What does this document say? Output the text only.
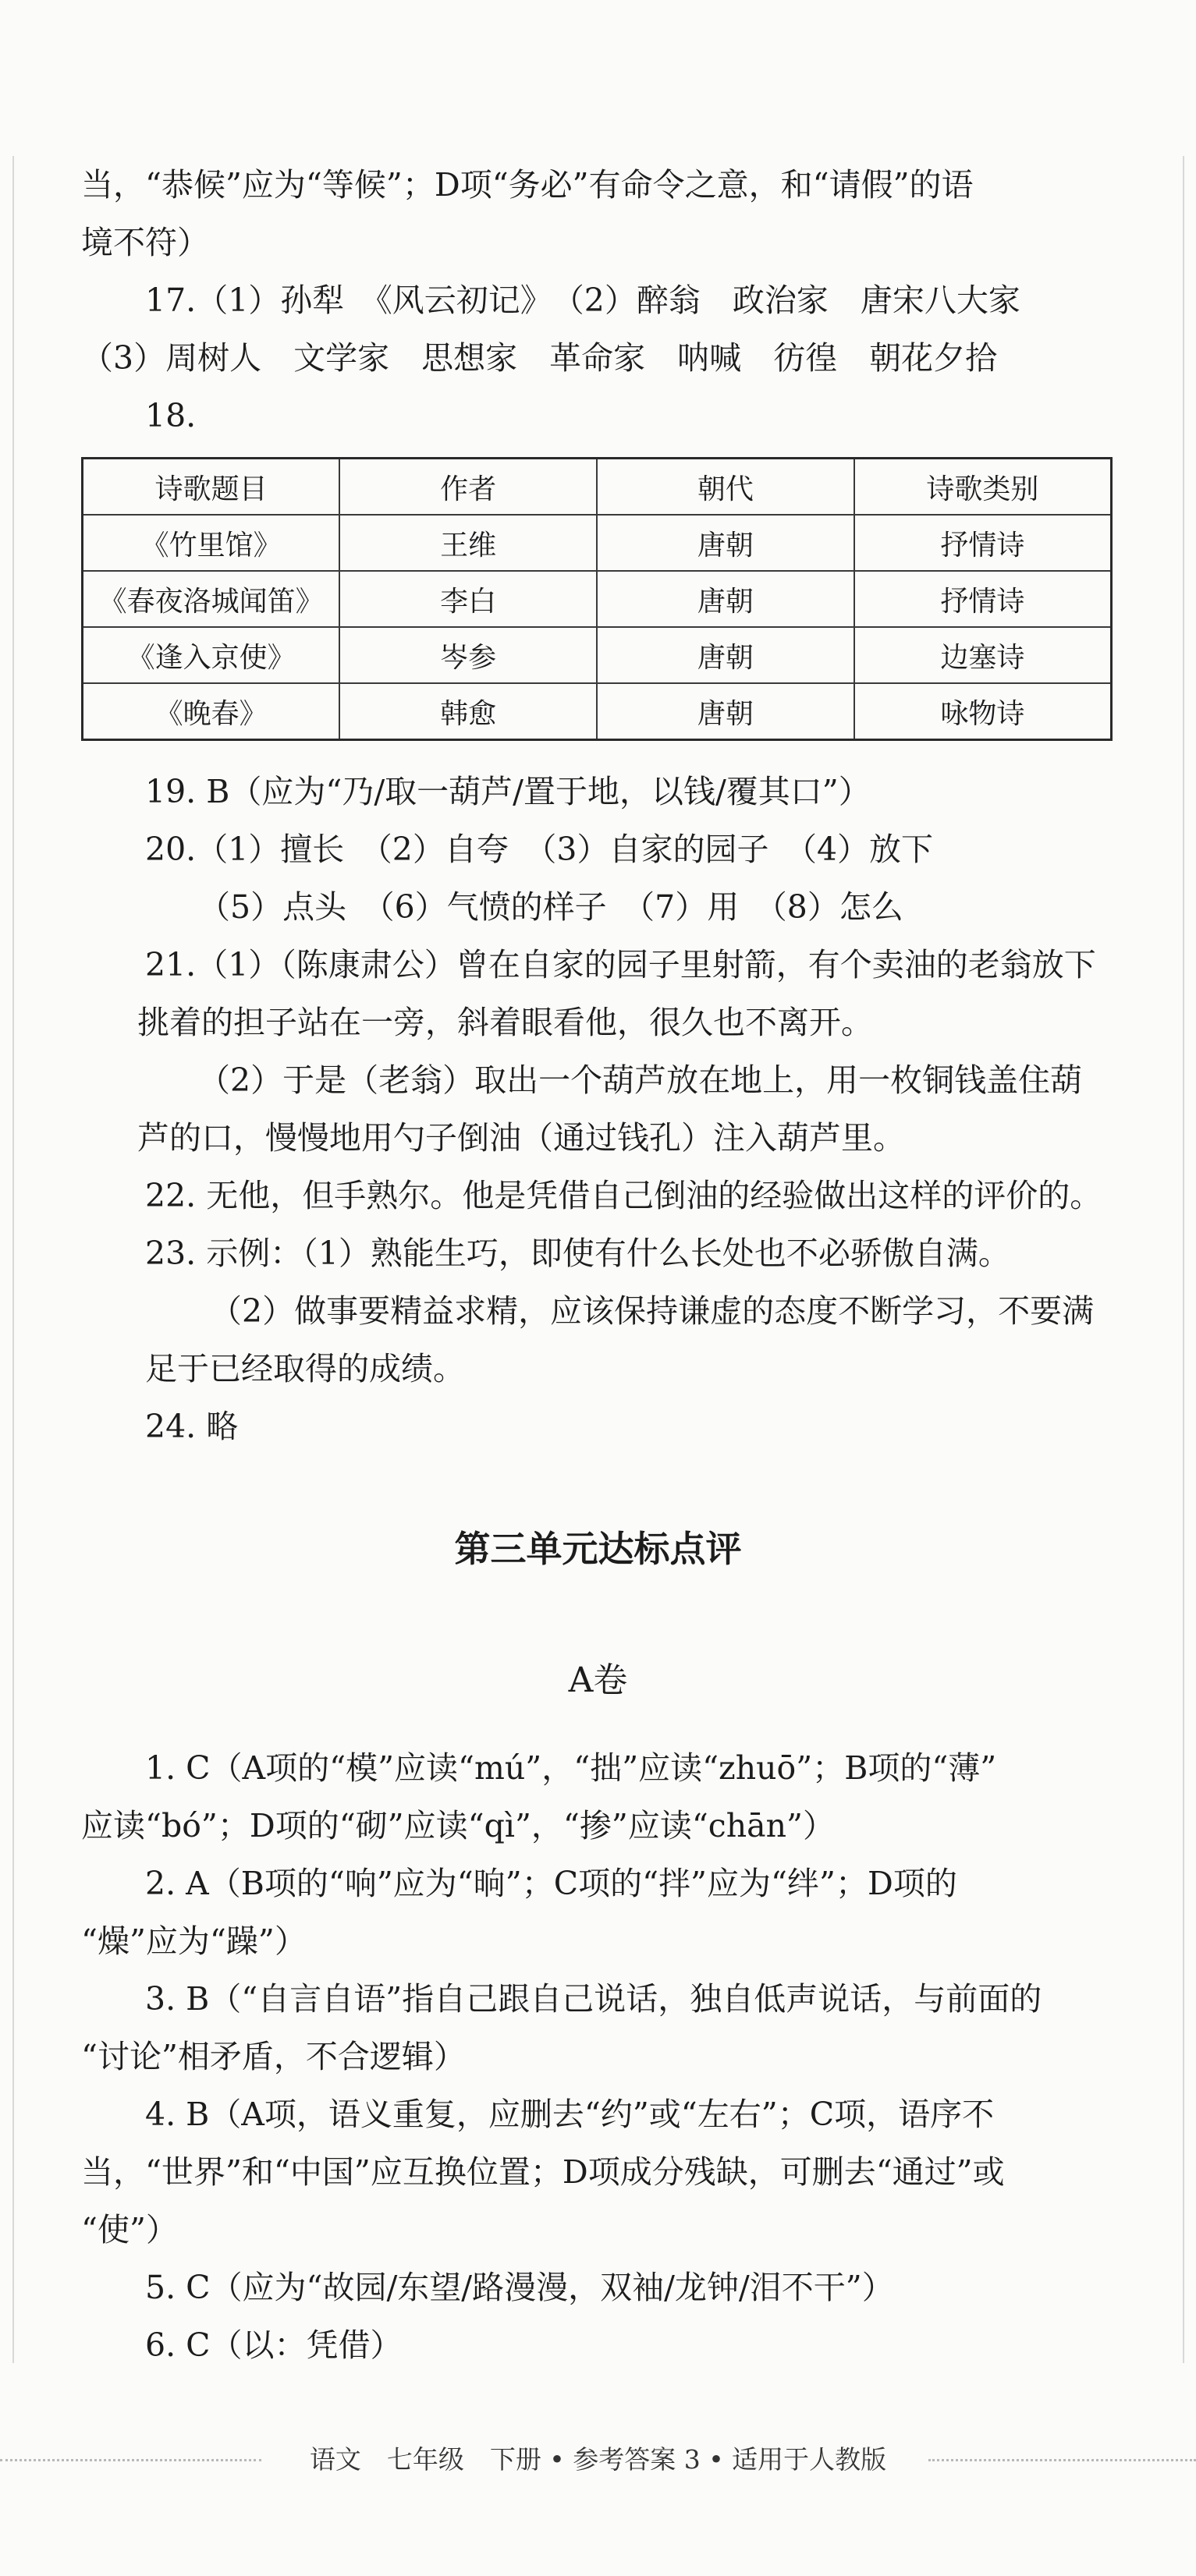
当，“恭候”应为“等候”；D项“务必”有命令之意，和“请假”的语
境不符）
17.（1）孙犁　《风云初记》　（2）醉翁　政治家　唐宋八大家
（3）周树人　文学家　思想家　革命家　呐喊　彷徨　朝花夕拾
18.
诗歌题目	作者	朝代	诗歌类别
《竹里馆》	王维	唐朝	抒情诗
《春夜洛城闻笛》	李白	唐朝	抒情诗
《逢入京使》	岑参	唐朝	边塞诗
《晚春》	韩愈	唐朝	咏物诗
19. B（应为“乃/取一葫芦/置于地，以钱/覆其口”）
20.（1）擅长　（2）自夸　（3）自家的园子　（4）放下
（5）点头　（6）气愤的样子　（7）用　（8）怎么
21.（1）（陈康肃公）曾在自家的园子里射箭，有个卖油的老翁放下
挑着的担子站在一旁，斜着眼看他，很久也不离开。
（2）于是（老翁）取出一个葫芦放在地上，用一枚铜钱盖住葫
芦的口，慢慢地用勺子倒油（通过钱孔）注入葫芦里。
22. 无他，但手熟尔。他是凭借自己倒油的经验做出这样的评价的。
23. 示例：（1）熟能生巧，即使有什么长处也不必骄傲自满。
（2）做事要精益求精，应该保持谦虚的态度不断学习，不要满
足于已经取得的成绩。
24. 略
第三单元达标点评
A卷
1. C（A项的“模”应读“mú”，“拙”应读“zhuō”；B项的“薄”
应读“bó”；D项的“砌”应读“qì”，“掺”应读“chān”）
2. A（B项的“响”应为“晌”；C项的“拌”应为“绊”；D项的
“燥”应为“躁”）
3. B（“自言自语”指自己跟自己说话，独自低声说话，与前面的
“讨论”相矛盾，不合逻辑）
4. B（A项，语义重复，应删去“约”或“左右”；C项，语序不
当，“世界”和“中国”应互换位置；D项成分残缺，可删去“通过”或
“使”）
5. C（应为“故园/东望/路漫漫，双袖/龙钟/泪不干”）
6. C（以：凭借）
语文　七年级　下册 • 参考答案 3 • 适用于人教版
